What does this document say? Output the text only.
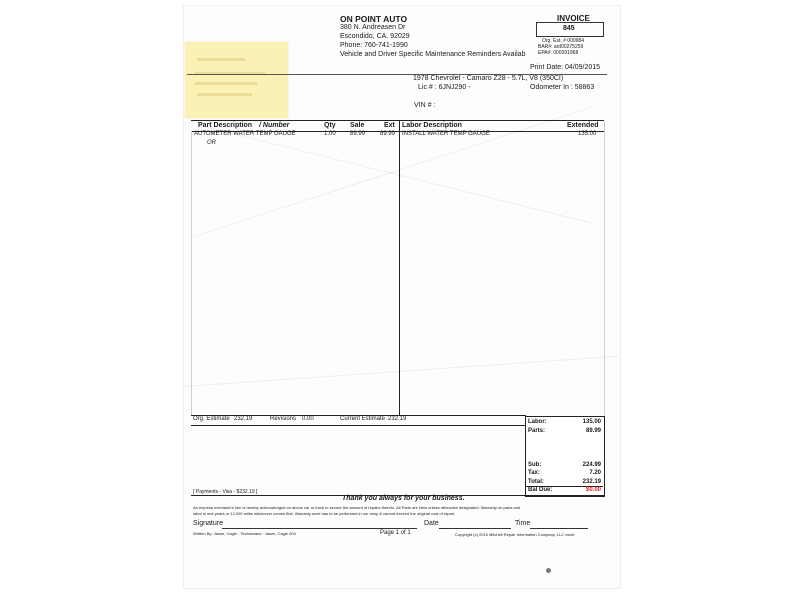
ON POINT AUTO
380 N. Andreasen Dr
Escondido, CA. 92029
Phone: 760-741-1990
Vehicle and Driver Specific Maintenance Reminders Availab
INVOICE
845
Org. Est. # 000984
BAR#: ard00275259
EPA#: 000391968
Print Date: 04/09/2015
1978 Chevrolet - Camaro Z28 - 5.7L, V8 (350CI)
Lic # : 6JNJ290 -	Odometer In : 58863
VIN # :
Part Description / Number	Qty Sale	Ext Labor Description	Extended
AUTOMETER WATER TEMP GAUGE	1.00 89.99 89.99
OR
INSTALL WATER TEMP GAUGE	135.00
Org. Estimate 232.19	Revisions 0.00	Current Estimate 232.19	Labor:	135.00
Parts:	89.99
Sub:	224.99
Tax:	7.20
Total:	232.19
Bal Due:	$0.00
[ Payments - Visa - $232.19 ]
Thank you always for your business.
An express mechanic's lien is hereby acknowledged on above car or truck to secure the amount of repairs thereto. All Parts are New unless otherwise designated. Warranty on parts and
labor is one years or 12,000 miles whichever comes first. Warranty work has to be performed in our shop & cannot exceed the original cost of repair.
Signature	Date	Time
Written By: Jason, Cagle - Technicians : Jason, Cagle 004	Page 1 of 1	Copyright (c) 2015 Mitchell Repair Information Company, LLC xsvlrr
